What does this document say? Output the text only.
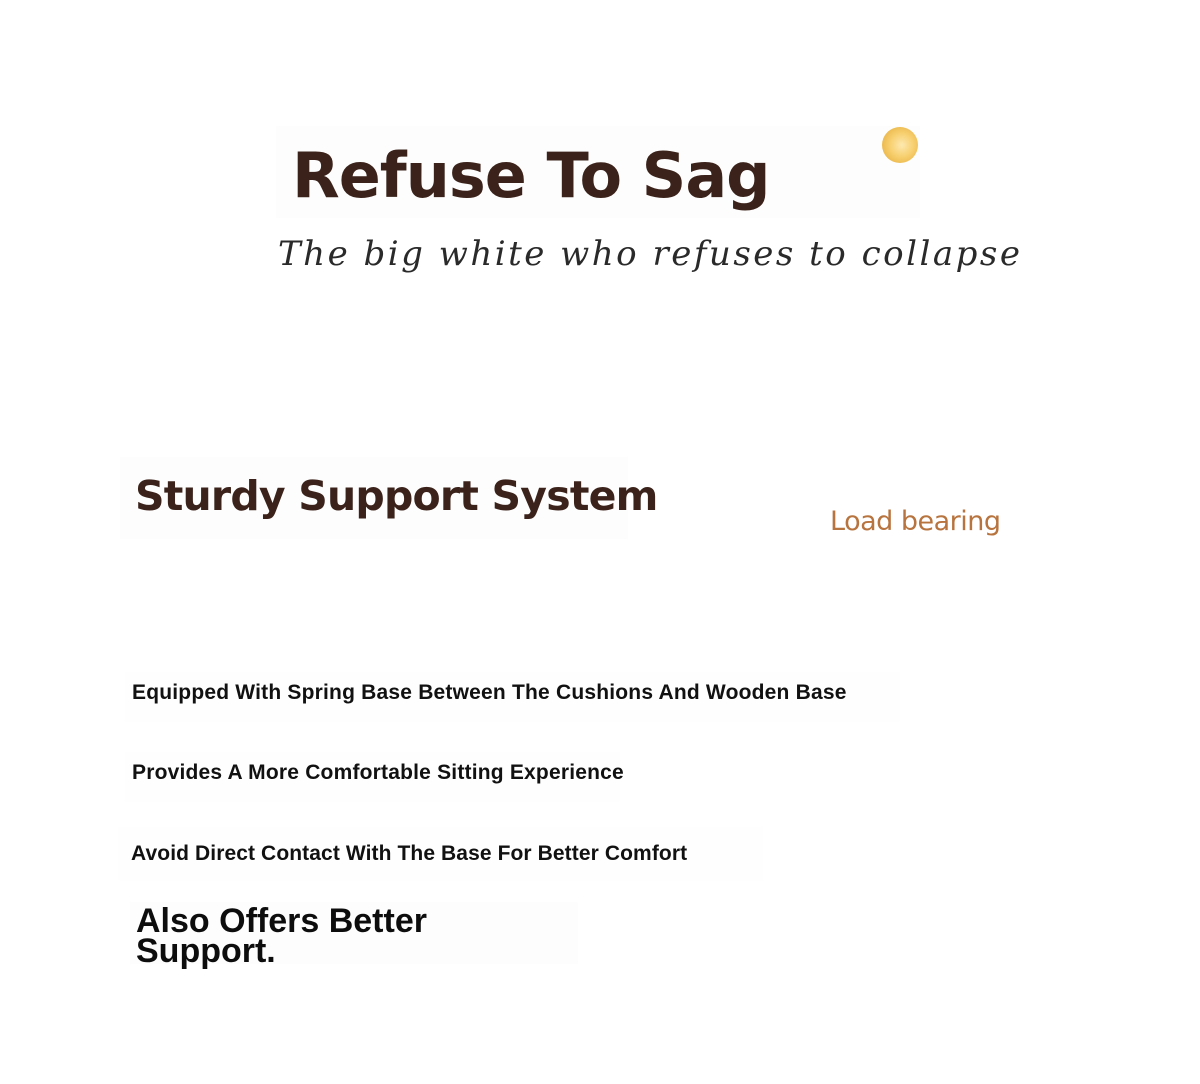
Refuse To Sag

The big white who refuses to collapse

Sturdy Support System

Load bearing

Equipped With Spring Base Between The Cushions And Wooden Base

Provides A More Comfortable Sitting Experience

Avoid Direct Contact With The Base For Better Comfort

Also Offers Better Support.
